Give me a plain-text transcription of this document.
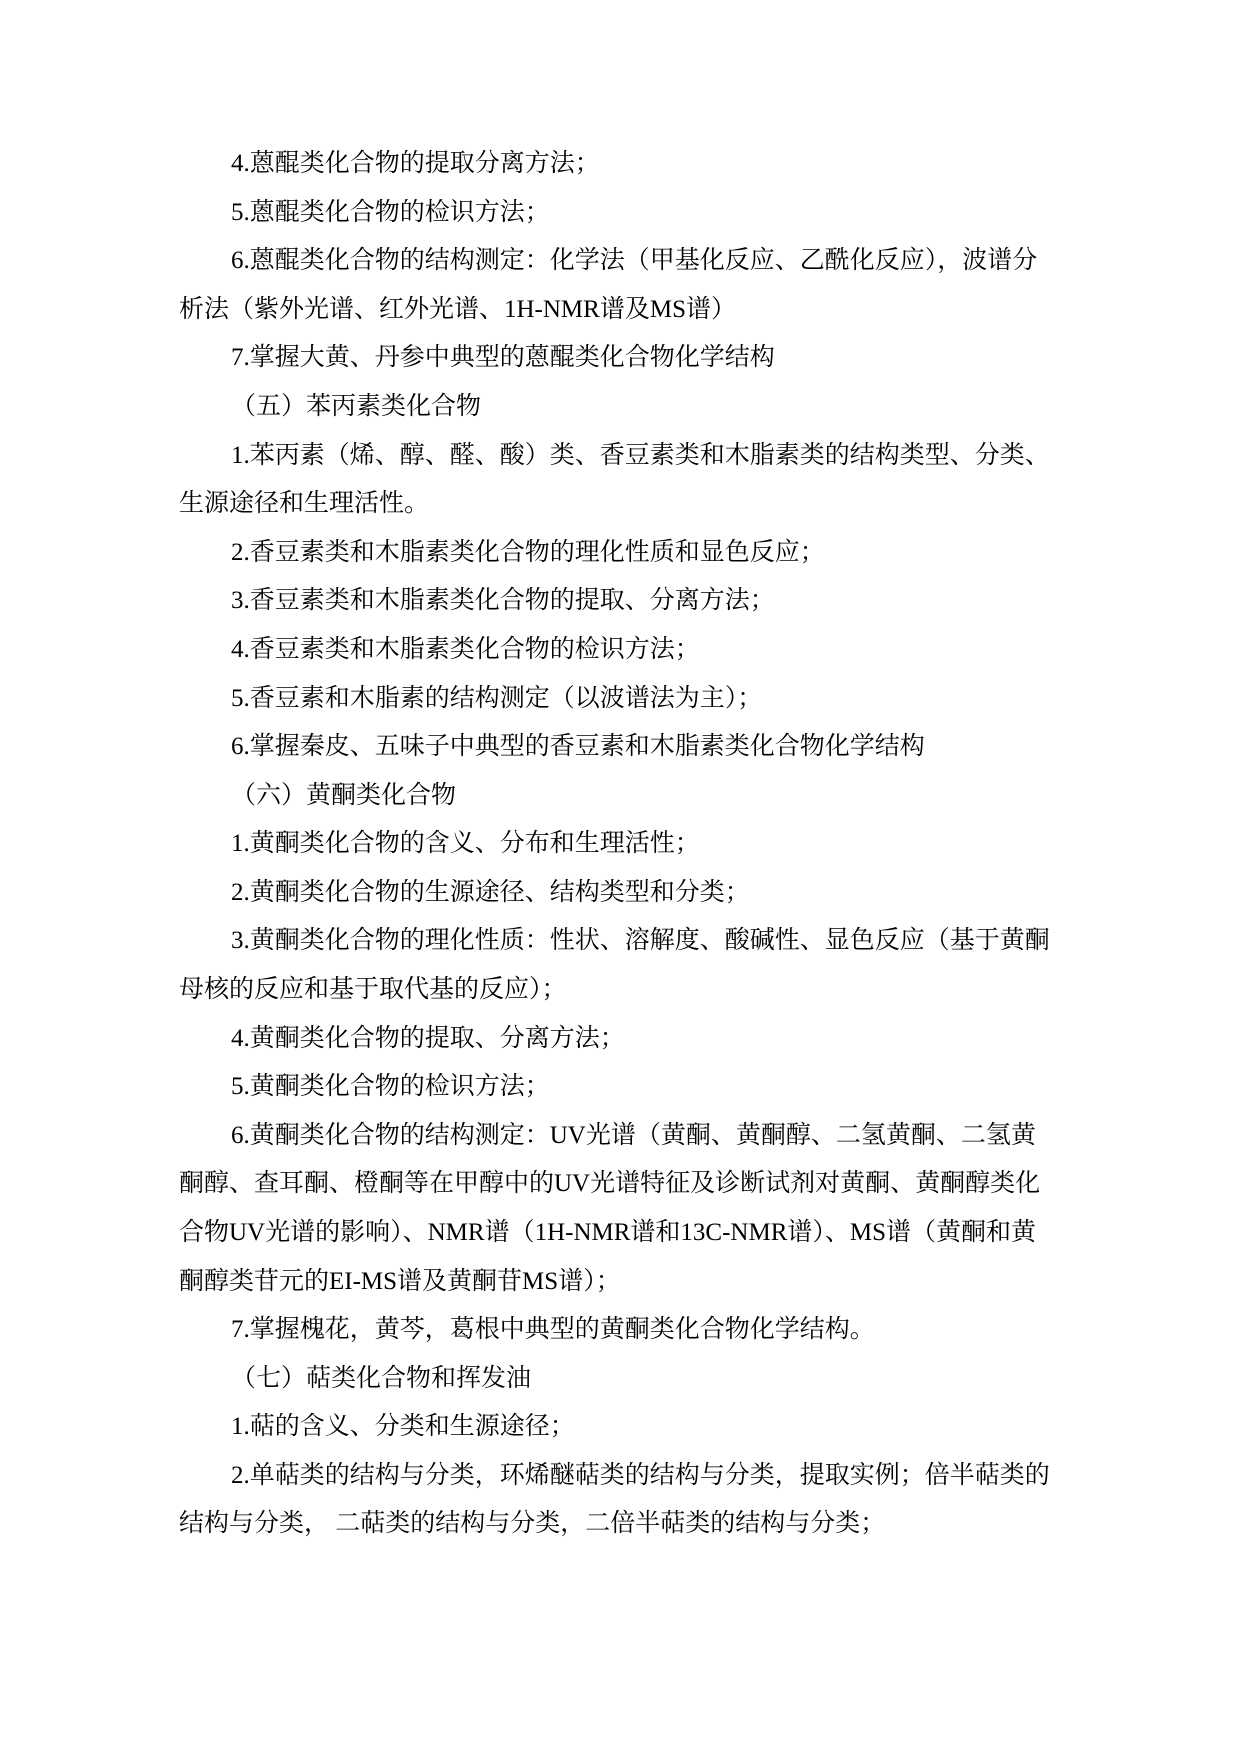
4.蒽醌类化合物的提取分离方法；
5.蒽醌类化合物的检识方法；
6.蒽醌类化合物的结构测定：化学法（甲基化反应、乙酰化反应），波谱分
析法（紫外光谱、红外光谱、1H-NMR谱及MS谱）
7.掌握大黄、丹参中典型的蒽醌类化合物化学结构
（五）苯丙素类化合物
1.苯丙素（烯、醇、醛、酸）类、香豆素类和木脂素类的结构类型、分类、
生源途径和生理活性。
2.香豆素类和木脂素类化合物的理化性质和显色反应；
3.香豆素类和木脂素类化合物的提取、分离方法；
4.香豆素类和木脂素类化合物的检识方法；
5.香豆素和木脂素的结构测定（以波谱法为主）；
6.掌握秦皮、五味子中典型的香豆素和木脂素类化合物化学结构
（六）黄酮类化合物
1.黄酮类化合物的含义、分布和生理活性；
2.黄酮类化合物的生源途径、结构类型和分类；
3.黄酮类化合物的理化性质：性状、溶解度、酸碱性、显色反应（基于黄酮
母核的反应和基于取代基的反应）；
4.黄酮类化合物的提取、分离方法；
5.黄酮类化合物的检识方法；
6.黄酮类化合物的结构测定：UV光谱（黄酮、黄酮醇、二氢黄酮、二氢黄
酮醇、查耳酮、橙酮等在甲醇中的UV光谱特征及诊断试剂对黄酮、黄酮醇类化
合物UV光谱的影响）、NMR谱（1H-NMR谱和13C-NMR谱）、MS谱（黄酮和黄
酮醇类苷元的EI-MS谱及黄酮苷MS谱）；
7.掌握槐花，黄芩，葛根中典型的黄酮类化合物化学结构。
（七）萜类化合物和挥发油
1.萜的含义、分类和生源途径；
2.单萜类的结构与分类，环烯醚萜类的结构与分类，提取实例；倍半萜类的
结构与分类， 二萜类的结构与分类，二倍半萜类的结构与分类；
